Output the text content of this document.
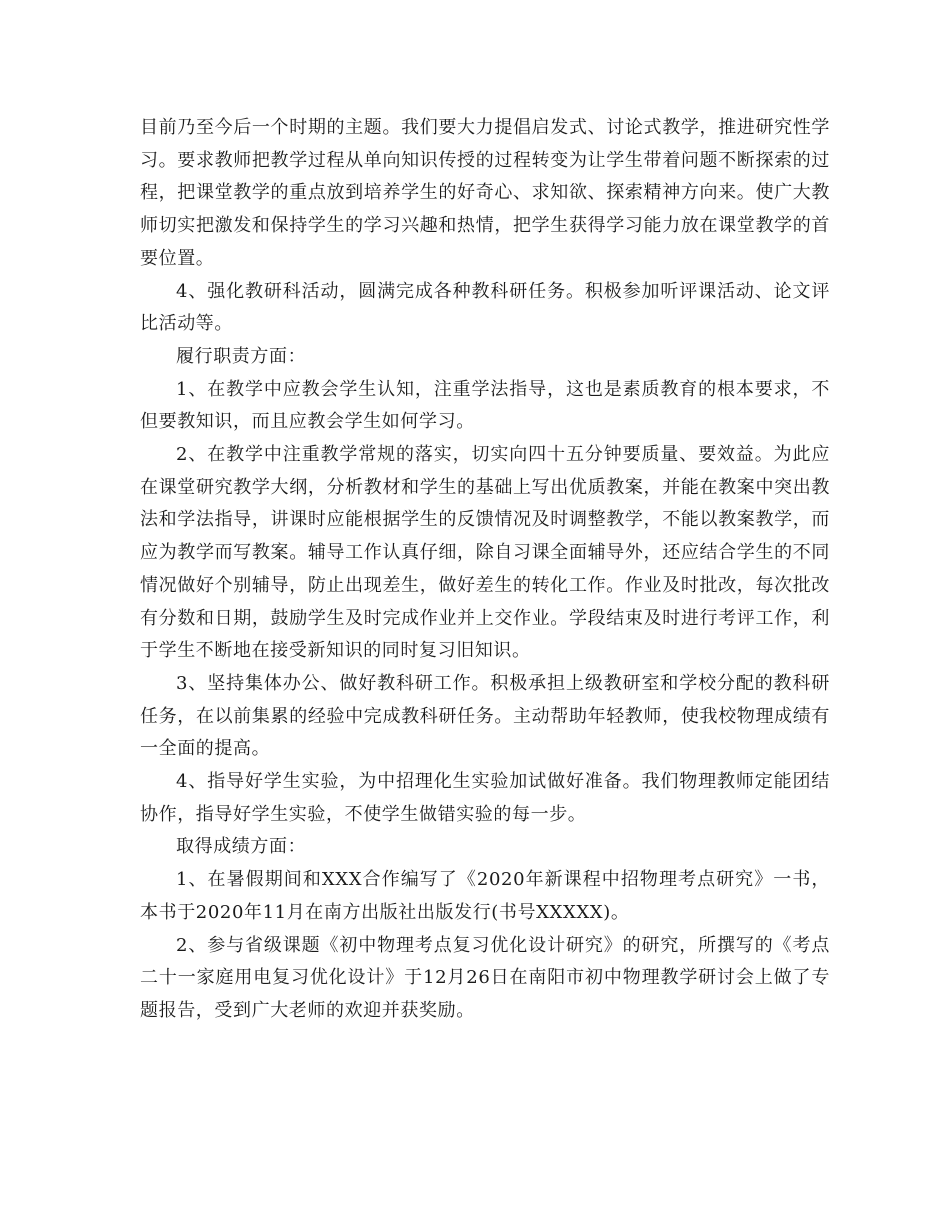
目前乃至今后一个时期的主题。我们要大力提倡启发式、讨论式教学，推进研究性学习。要求教师把教学过程从单向知识传授的过程转变为让学生带着问题不断探索的过程，把课堂教学的重点放到培养学生的好奇心、求知欲、探索精神方向来。使广大教师切实把激发和保持学生的学习兴趣和热情，把学生获得学习能力放在课堂教学的首要位置。

4、强化教研科活动，圆满完成各种教科研任务。积极参加听评课活动、论文评比活动等。

履行职责方面：

1、在教学中应教会学生认知，注重学法指导，这也是素质教育的根本要求，不但要教知识，而且应教会学生如何学习。

2、在教学中注重教学常规的落实，切实向四十五分钟要质量、要效益。为此应在课堂研究教学大纲，分析教材和学生的基础上写出优质教案，并能在教案中突出教法和学法指导，讲课时应能根据学生的反馈情况及时调整教学，不能以教案教学，而应为教学而写教案。辅导工作认真仔细，除自习课全面辅导外，还应结合学生的不同情况做好个别辅导，防止出现差生，做好差生的转化工作。作业及时批改，每次批改有分数和日期，鼓励学生及时完成作业并上交作业。学段结束及时进行考评工作，利于学生不断地在接受新知识的同时复习旧知识。

3、坚持集体办公、做好教科研工作。积极承担上级教研室和学校分配的教科研任务，在以前集累的经验中完成教科研任务。主动帮助年轻教师，使我校物理成绩有一全面的提高。

4、指导好学生实验，为中招理化生实验加试做好准备。我们物理教师定能团结协作，指导好学生实验，不使学生做错实验的每一步。

取得成绩方面：

1、在暑假期间和XXX合作编写了《2020年新课程中招物理考点研究》一书，本书于2020年11月在南方出版社出版发行(书号XXXXX)。

2、参与省级课题《初中物理考点复习优化设计研究》的研究，所撰写的《考点二十一家庭用电复习优化设计》于12月26日在南阳市初中物理教学研讨会上做了专题报告，受到广大老师的欢迎并获奖励。
